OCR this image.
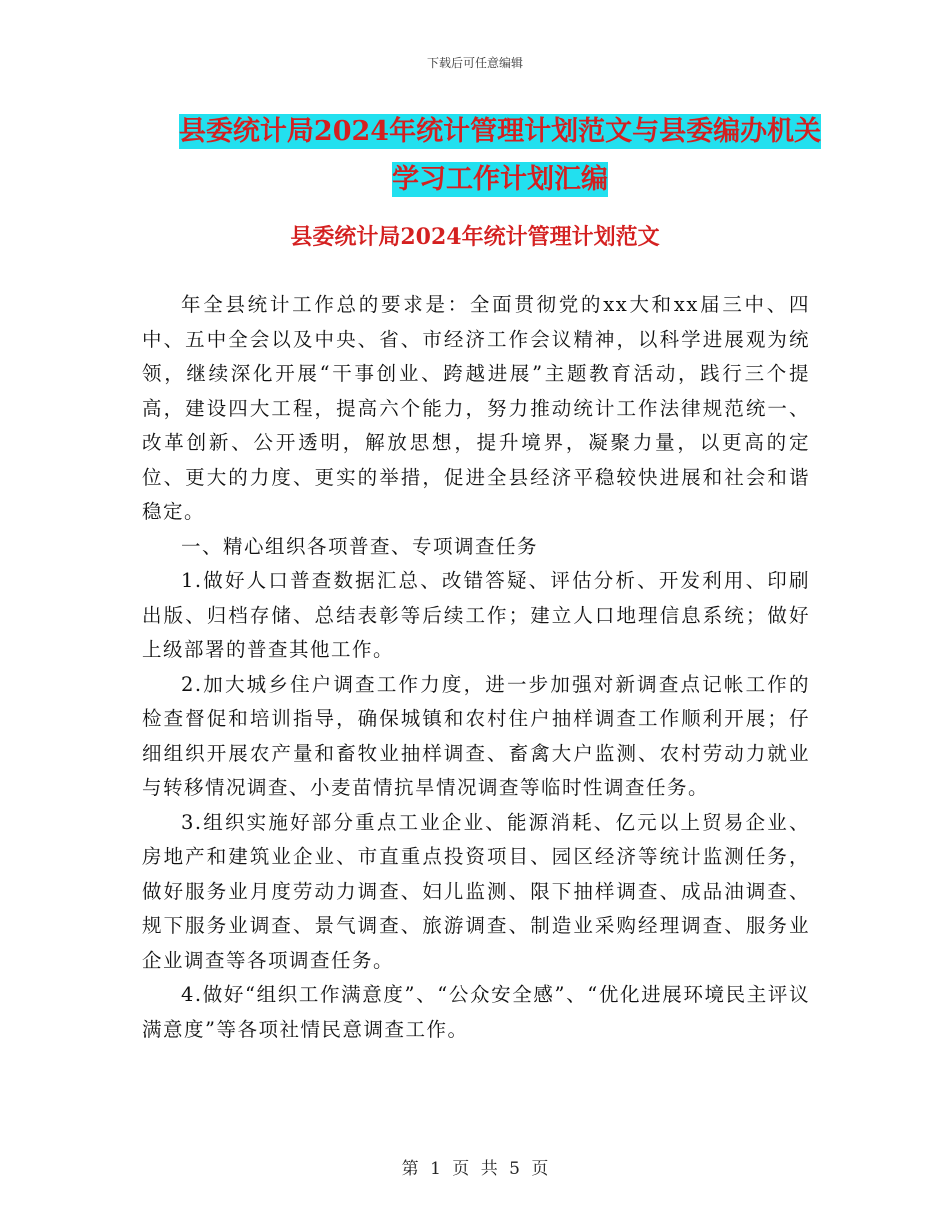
下载后可任意编辑
县委统计局2024年统计管理计划范文与县委编办机关
学习工作计划汇编
县委统计局2024年统计管理计划范文

年全县统计工作总的要求是：全面贯彻党的xx大和xx届三中、四中、五中全会以及中央、省、市经济工作会议精神，以科学进展观为统领，继续深化开展“干事创业、跨越进展”主题教育活动，践行三个提高，建设四大工程，提高六个能力，努力推动统计工作法律规范统一、改革创新、公开透明，解放思想，提升境界，凝聚力量，以更高的定位、更大的力度、更实的举措，促进全县经济平稳较快进展和社会和谐稳定。

一、精心组织各项普查、专项调查任务

1.做好人口普查数据汇总、改错答疑、评估分析、开发利用、印刷出版、归档存储、总结表彰等后续工作；建立人口地理信息系统；做好上级部署的普查其他工作。

2.加大城乡住户调查工作力度，进一步加强对新调查点记帐工作的检查督促和培训指导，确保城镇和农村住户抽样调查工作顺利开展；仔细组织开展农产量和畜牧业抽样调查、畜禽大户监测、农村劳动力就业与转移情况调查、小麦苗情抗旱情况调查等临时性调查任务。

3.组织实施好部分重点工业企业、能源消耗、亿元以上贸易企业、房地产和建筑业企业、市直重点投资项目、园区经济等统计监测任务，做好服务业月度劳动力调查、妇儿监测、限下抽样调查、成品油调查、规下服务业调查、景气调查、旅游调查、制造业采购经理调查、服务业企业调查等各项调查任务。

4.做好“组织工作满意度”、“公众安全感”、“优化进展环境民主评议满意度”等各项社情民意调查工作。

第 1 页 共 5 页
